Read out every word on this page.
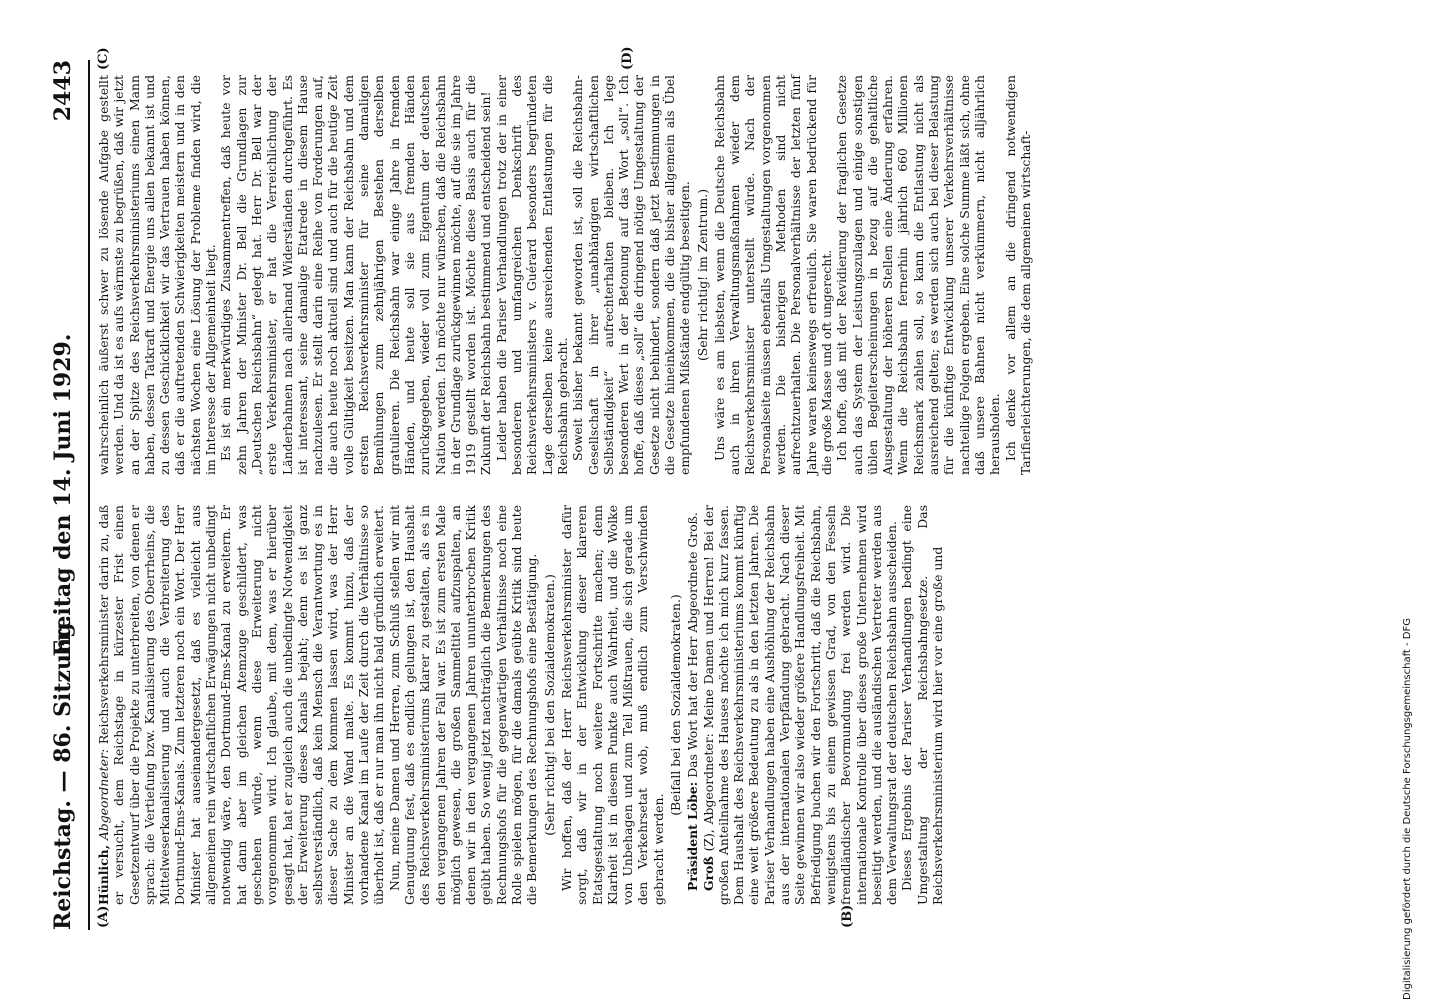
Reichstag. — 86. Sitzung.
Freitag den 14. Juni 1929.
2443
(A)	(B)
(C)	(D)

Hünlich, Abgeordneter: Reichsverkehrsminister darin zu, daß er versucht, dem Reichstage in kürzester Frist einen Gesetzentwurf über die Projekte zu unterbreiten, von denen er sprach: die Vertiefung bzw. Kanalisierung des Oberrheins, die Mittelweserkanalisierung und auch die Verbreiterung des Dortmund-Ems-Kanals. Zum letzteren noch ein Wort. Der Herr Minister hat auseinandergesetzt, daß es vielleicht aus allgemeinen rein wirtschaftlichen Erwägungen nicht unbedingt notwendig wäre, den Dortmund-Ems-Kanal zu erweitern. Er hat dann aber im gleichen Atemzuge geschildert, was geschehen würde, wenn diese Erweiterung nicht vorgenommen wird. Ich glaube, mit dem, was er hierüber gesagt hat, hat er zugleich auch die unbedingte Notwendigkeit der Erweiterung dieses Kanals bejaht; denn es ist ganz selbstverständlich, daß kein Mensch die Verantwortung es in dieser Sache zu dem kommen lassen wird, was der Herr Minister an die Wand malte. Es kommt hinzu, daß der vorhandene Kanal im Laufe der Zeit durch die Verhältnisse so überholt ist, daß er nur man ihn nicht bald gründlich erweitert. Nun, meine Damen und Herren, zum Schluß stellen wir mit Genugtuung fest, daß es endlich gelungen ist, den Haushalt des Reichsverkehrsministeriums klarer zu gestalten, als es in den vergangenen Jahren der Fall war. Es ist zum ersten Male möglich gewesen, die großen Sammeltitel aufzuspalten, an denen wir in den vergangenen Jahren ununterbrochen Kritik geübt haben. So wenig jetzt nachträglich die Bemerkungen des Rechnungshofs für die gegenwärtigen Verhältnisse noch eine Rolle spielen mögen, für die damals geübte Kritik sind heute die Bemerkungen des Rechnungshofs eine Bestätigung. (Sehr richtig! bei den Sozialdemokraten.) Wir hoffen, daß der Herr Reichsverkehrsminister dafür sorgt, daß wir in der Entwicklung dieser klareren Etatsgestaltung noch weitere Fortschritte machen; denn Klarheit ist in diesem Punkte auch Wahrheit, und die Wolke von Unbehagen und zum Teil Mißtrauen, die sich gerade um den Verkehrsetat wob, muß endlich zum Verschwinden gebracht werden.

(Beifall bei den Sozialdemokraten.)

Präsident Löbe: Das Wort hat der Herr Abgeordnete Groß.

Groß (Z), Abgeordneter: Meine Damen und Herren! Bei der großen Anteilnahme des Hauses möchte ich mich kurz fassen. Dem Haushalt des Reichsverkehrsministeriums kommt künftig eine weit größere Bedeutung zu als in den letzten Jahren. Die Pariser Verhandlungen haben eine Aushöhlung der Reichsbahn aus der internationalen Verpfändung gebracht. Nach dieser Seite gewinnen wir also wieder größere Handlungsfreiheit. Mit Befriedigung buchen wir den Fortschritt, daß die Reichsbahn, wenigstens bis zu einem gewissen Grad, von den Fesseln fremdländischer Bevormundung frei werden wird. Die internationale Kontrolle über dieses große Unternehmen wird beseitigt werden, und die ausländischen Vertreter werden aus dem Verwaltungsrat der deutschen Reichsbahn ausscheiden. Dieses Ergebnis der Pariser Verhandlungen bedingt eine Umgestaltung der Reichsbahngesetze. Das Reichsverkehrsministerium wird hier vor eine große und

wahrscheinlich äußerst schwer zu lösende Aufgabe gestellt werden. Und da ist es aufs wärmste zu begrüßen, daß wir jetzt an der Spitze des Reichsverkehrsministeriums einen Mann haben, dessen Tatkraft und Energie uns allen bekannt ist und zu dessen Geschicklichkeit wir das Vertrauen haben können, daß er die auftretenden Schwierigkeiten meistern und in den nächsten Wochen eine Lösung der Probleme finden wird, die im Interesse der Allgemeinheit liegt. Es ist ein merkwürdiges Zusammentreffen, daß heute vor zehn Jahren der Minister Dr. Bell die Grundlagen zur „Deutschen Reichsbahn“ gelegt hat. Herr Dr. Bell war der erste Verkehrsminister, er hat die Verreichlichung der Länderbahnen nach allerhand Widerständen durchgeführt. Es ist interessant, seine damalige Etatrede in diesem Hause nachzulesen. Er stellt darin eine Reihe von Forderungen auf, die auch heute noch aktuell sind und auch für die heutige Zeit volle Gültigkeit besitzen. Man kann der Reichsbahn und dem ersten Reichsverkehrsminister für seine damaligen Bemühungen zum zehnjährigen Bestehen derselben gratulieren. Die Reichsbahn war einige Jahre in fremden Händen, und heute soll sie aus fremden Händen zurückgegeben, wieder voll zum Eigentum der deutschen Nation werden. Ich möchte nur wünschen, daß die Reichsbahn in der Grundlage zurückgewinnen möchte, auf die sie im Jahre 1919 gestellt worden ist. Möchte diese Basis auch für die Zukunft der Reichsbahn bestimmend und entscheidend sein! Leider haben die Pariser Verhandlungen trotz der in einer besonderen und umfangreichen Denkschrift des Reichsverkehrsministers v. Guérard besonders begründeten Lage derselben keine ausreichenden Entlastungen für die Reichsbahn gebracht. Soweit bisher bekannt geworden ist, soll die Reichsbahn-Gesellschaft in ihrer „unabhängigen wirtschaftlichen Selbständigkeit“ aufrechterhalten bleiben. Ich lege besonderen Wert in der Betonung auf das Wort „soll“. Ich hoffe, daß dieses „soll“ die dringend nötige Umgestaltung der Gesetze nicht behindert, sondern daß jetzt Bestimmungen in die Gesetze hineinkommen, die die bisher allgemein als Übel empfundenen Mißstände endgültig beseitigen. (Sehr richtig! im Zentrum.) Uns wäre es am liebsten, wenn die Deutsche Reichsbahn auch in ihren Verwaltungsmaßnahmen wieder dem Reichsverkehrsminister unterstellt würde. Nach der Personalseite müssen ebenfalls Umgestaltungen vorgenommen werden. Die bisherigen Methoden sind nicht aufrechtzuerhalten. Die Personalverhältnisse der letzten fünf Jahre waren keineswegs erfreulich. Sie waren bedrückend für die große Masse und oft ungerecht. Ich hoffe, daß mit der Revidierung der fraglichen Gesetze auch das System der Leistungszulagen und einige sonstigen üblen Begleiterscheinungen in bezug auf die gehaltliche Ausgestaltung der höheren Stellen eine Änderung erfahren. Wenn die Reichsbahn fernerhin jährlich 660 Millionen Reichsmark zahlen soll, so kann die Entlastung nicht als ausreichend gelten; es werden sich auch bei dieser Belastung für die künftige Entwicklung unserer Verkehrsverhältnisse nachteilige Folgen ergeben. Eine solche Summe läßt sich, ohne daß unsere Bahnen nicht verkümmern, nicht alljährlich herausholen. Ich denke vor allem an die dringend notwendigen Tarifierleichterungen, die dem allgemeinen wirtschaft-

Digitalisierung gefördert durch die Deutsche Forschungsgemeinschaft - DFG
